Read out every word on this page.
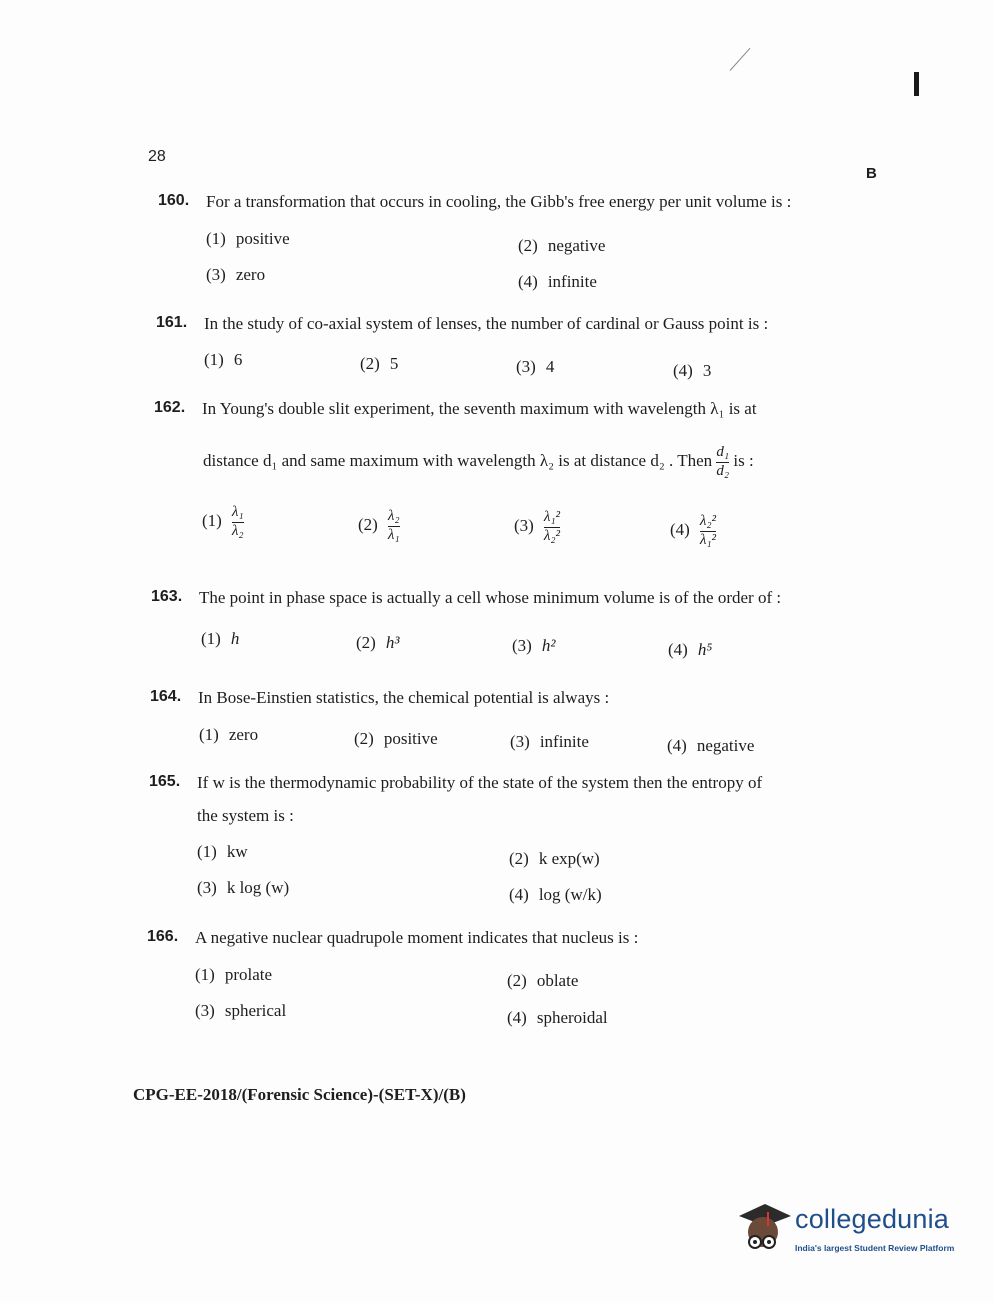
28
B
160. For a transformation that occurs in cooling, the Gibb's free energy per unit volume is :
(1) positive	(2) negative
(3) zero	(4) infinite
161. In the study of co-axial system of lenses, the number of cardinal or Gauss point is :
(1) 6	(2) 5	(3) 4	(4) 3
162. In Young's double slit experiment, the seventh maximum with wavelength λ₁ is at
distance d₁ and same maximum with wavelength λ₂ is at distance d₂ . Then $\frac{\text{d₁}}{\text{d₂}}$ is :
$(1) \frac{\text{λ₁}}{\text{λ₂}}$	$(2) \frac{\text{λ₂}}{\text{λ₁}}$	$(3) \frac{\text{λ₁²}}{\text{λ₂²}}$	$(4) \frac{\text{λ₂²}}{\text{λ₁²}}$
163. The point in phase space is actually a cell whose minimum volume is of the order of :
(1) h	(2) h³	(3) h²	(4) h⁵
164. In Bose-Einstien statistics, the chemical potential is always :
(1) zero	(2) positive	(3) infinite	(4) negative
165. If w is the thermodynamic probability of the state of the system then the entropy of
the system is :
(1) kw	(2) k exp(w)
(3) k log (w)	(4) log (w/k)
166. A negative nuclear quadrupole moment indicates that nucleus is :
(1) prolate	(2) oblate
(3) spherical	(4) spheroidal
CPG-EE-2018/(Forensic Science)-(SET-X)/(B)
collegedunia
India's largest Student Review Platform
